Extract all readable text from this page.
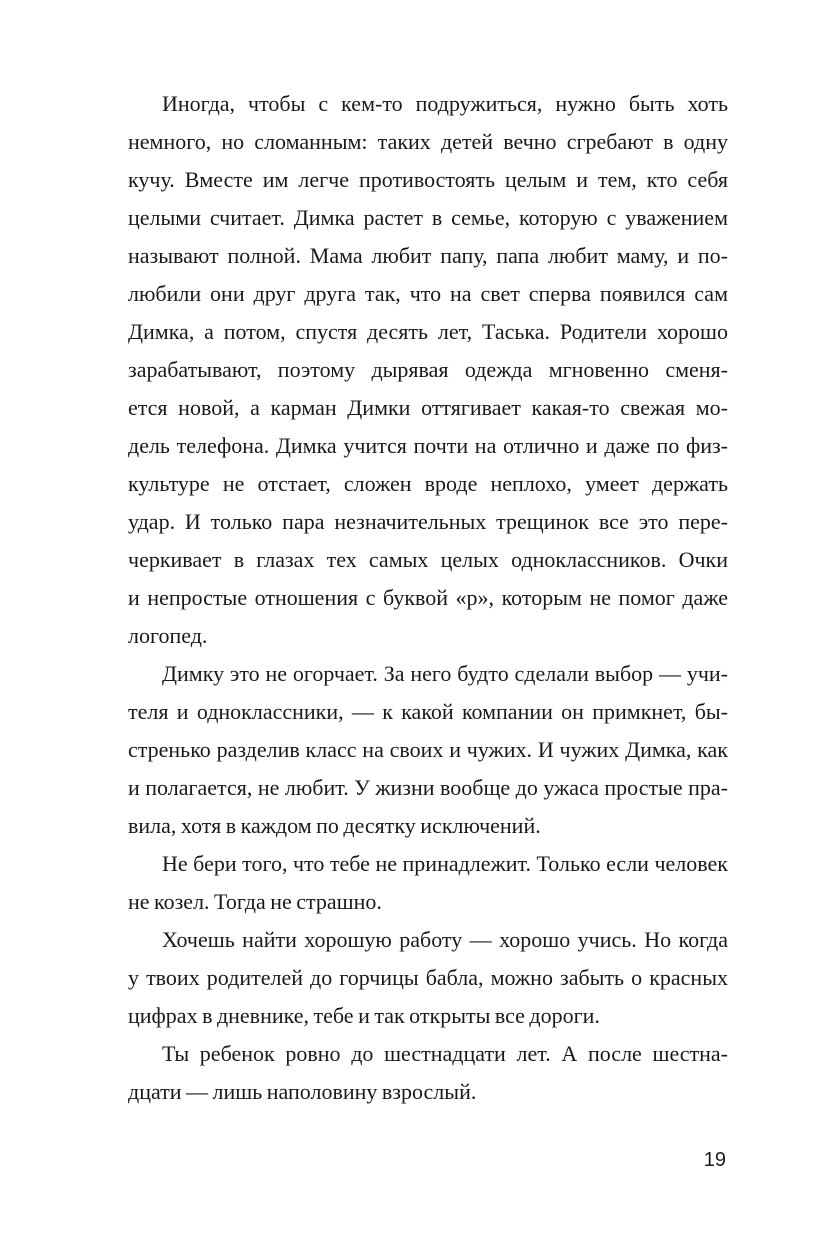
Иногда, чтобы с кем-то подружиться, нужно быть хоть
немного, но сломанным: таких детей вечно сгребают в одну
кучу. Вместе им легче противостоять целым и тем, кто себя
целыми считает. Димка растет в семье, которую с уважением
называют полной. Мама любит папу, папа любит маму, и по-
любили они друг друга так, что на свет сперва появился сам
Димка, а потом, спустя десять лет, Таська. Родители хорошо
зарабатывают, поэтому дырявая одежда мгновенно сменя-
ется новой, а карман Димки оттягивает какая-то свежая мо-
дель телефона. Димка учится почти на отлично и даже по физ-
культуре не отстает, сложен вроде неплохо, умеет держать
удар. И только пара незначительных трещинок все это пере-
черкивает в глазах тех самых целых одноклассников. Очки
и непростые отношения с буквой «р», которым не помог даже
логопед.
Димку это не огорчает. За него будто сделали выбор — учи-
теля и одноклассники, — к какой компании он примкнет, бы-
стренько разделив класс на своих и чужих. И чужих Димка, как
и полагается, не любит. У жизни вообще до ужаса простые пра-
вила, хотя в каждом по десятку исключений.
Не бери того, что тебе не принадлежит. Только если человек
не козел. Тогда не страшно.
Хочешь найти хорошую работу — хорошо учись. Но когда
у твоих родителей до горчицы бабла, можно забыть о красных
цифрах в дневнике, тебе и так открыты все дороги.
Ты ребенок ровно до шестнадцати лет. А после шестна-
дцати — лишь наполовину взрослый.
19
